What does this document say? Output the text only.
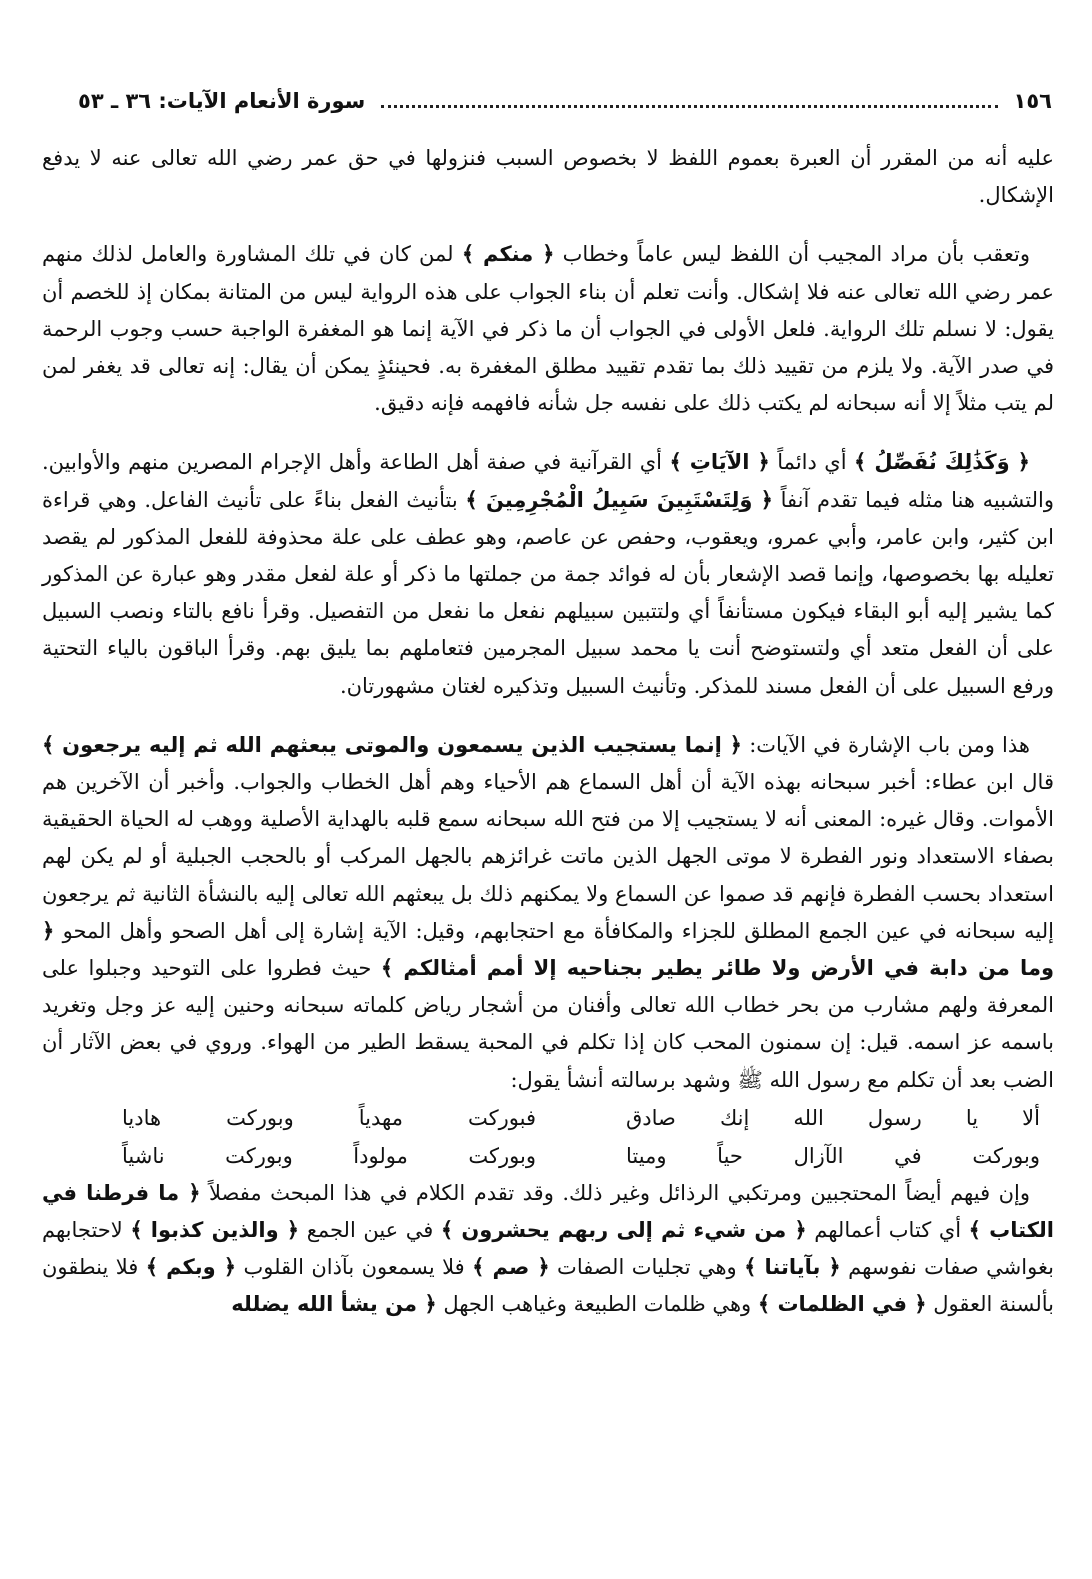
١٥٦
سورة الأنعام الآيات: ٣٦ ـ ٥٣

عليه أنه من المقرر أن العبرة بعموم اللفظ لا بخصوص السبب فنزولها في حق عمر رضي الله تعالى عنه لا يدفع الإشكال.

وتعقب بأن مراد المجيب أن اللفظ ليس عاماً وخطاب ﴿ منكم ﴾ لمن كان في تلك المشاورة والعامل لذلك منهم عمر رضي الله تعالى عنه فلا إشكال. وأنت تعلم أن بناء الجواب على هذه الرواية ليس من المتانة بمكان إذ للخصم أن يقول: لا نسلم تلك الرواية. فلعل الأولى في الجواب أن ما ذكر في الآية إنما هو المغفرة الواجبة حسب وجوب الرحمة في صدر الآية. ولا يلزم من تقييد ذلك بما تقدم تقييد مطلق المغفرة به. فحينئذٍ يمكن أن يقال: إنه تعالى قد يغفر لمن لم يتب مثلاً إلا أنه سبحانه لم يكتب ذلك على نفسه جل شأنه فافهمه فإنه دقيق.

﴿ وَكَذَٰلِكَ نُفَصِّلُ ﴾ أي دائماً ﴿ الآيَاتِ ﴾ أي القرآنية في صفة أهل الطاعة وأهل الإجرام المصرين منهم والأوابين. والتشبيه هنا مثله فيما تقدم آنفاً ﴿ وَلِتَسْتَبِينَ سَبِيلُ الْمُجْرِمِينَ ﴾ بتأنيث الفعل بناءً على تأنيث الفاعل. وهي قراءة ابن كثير، وابن عامر، وأبي عمرو، ويعقوب، وحفص عن عاصم، وهو عطف على علة محذوفة للفعل المذكور لم يقصد تعليله بها بخصوصها، وإنما قصد الإشعار بأن له فوائد جمة من جملتها ما ذكر أو علة لفعل مقدر وهو عبارة عن المذكور كما يشير إليه أبو البقاء فيكون مستأنفاً أي ولتتبين سبيلهم نفعل ما نفعل من التفصيل. وقرأ نافع بالتاء ونصب السبيل على أن الفعل متعد أي ولتستوضح أنت يا محمد سبيل المجرمين فتعاملهم بما يليق بهم. وقرأ الباقون بالياء التحتية ورفع السبيل على أن الفعل مسند للمذكر. وتأنيث السبيل وتذكيره لغتان مشهورتان.

هذا ومن باب الإشارة في الآيات: ﴿ إنما يستجيب الذين يسمعون والموتى يبعثهم الله ثم إليه يرجعون ﴾ قال ابن عطاء: أخبر سبحانه بهذه الآية أن أهل السماع هم الأحياء وهم أهل الخطاب والجواب. وأخبر أن الآخرين هم الأموات. وقال غيره: المعنى أنه لا يستجيب إلا من فتح الله سبحانه سمع قلبه بالهداية الأصلية ووهب له الحياة الحقيقية بصفاء الاستعداد ونور الفطرة لا موتى الجهل الذين ماتت غرائزهم بالجهل المركب أو بالحجب الجبلية أو لم يكن لهم استعداد بحسب الفطرة فإنهم قد صموا عن السماع ولا يمكنهم ذلك بل يبعثهم الله تعالى إليه بالنشأة الثانية ثم يرجعون إليه سبحانه في عين الجمع المطلق للجزاء والمكافأة مع احتجابهم، وقيل: الآية إشارة إلى أهل الصحو وأهل المحو ﴿ وما من دابة في الأرض ولا طائر يطير بجناحيه إلا أمم أمثالكم ﴾ حيث فطروا على التوحيد وجبلوا على المعرفة ولهم مشارب من بحر خطاب الله تعالى وأفنان من أشجار رياض كلماته سبحانه وحنين إليه عز وجل وتغريد باسمه عز اسمه. قيل: إن سمنون المحب كان إذا تكلم في المحبة يسقط الطير من الهواء. وروي في بعض الآثار أن الضب بعد أن تكلم مع رسول الله ﷺ وشهد برسالته أنشأ يقول:

ألا يا رسول الله إنك صادق
فبوركت مهدياً وبوركت هاديا
وبوركت في الآزال حياً وميتا
وبوركت مولوداً وبوركت ناشياً

وإن فيهم أيضاً المحتجبين ومرتكبي الرذائل وغير ذلك. وقد تقدم الكلام في هذا المبحث مفصلاً ﴿ ما فرطنا في الكتاب ﴾ أي كتاب أعمالهم ﴿ من شيء ثم إلى ربهم يحشرون ﴾ في عين الجمع ﴿ والذين كذبوا ﴾ لاحتجابهم بغواشي صفات نفوسهم ﴿ بآياتنا ﴾ وهي تجليات الصفات ﴿ صم ﴾ فلا يسمعون بآذان القلوب ﴿ وبكم ﴾ فلا ينطقون بألسنة العقول ﴿ في الظلمات ﴾ وهي ظلمات الطبيعة وغياهب الجهل ﴿ من يشأ الله يضلله
